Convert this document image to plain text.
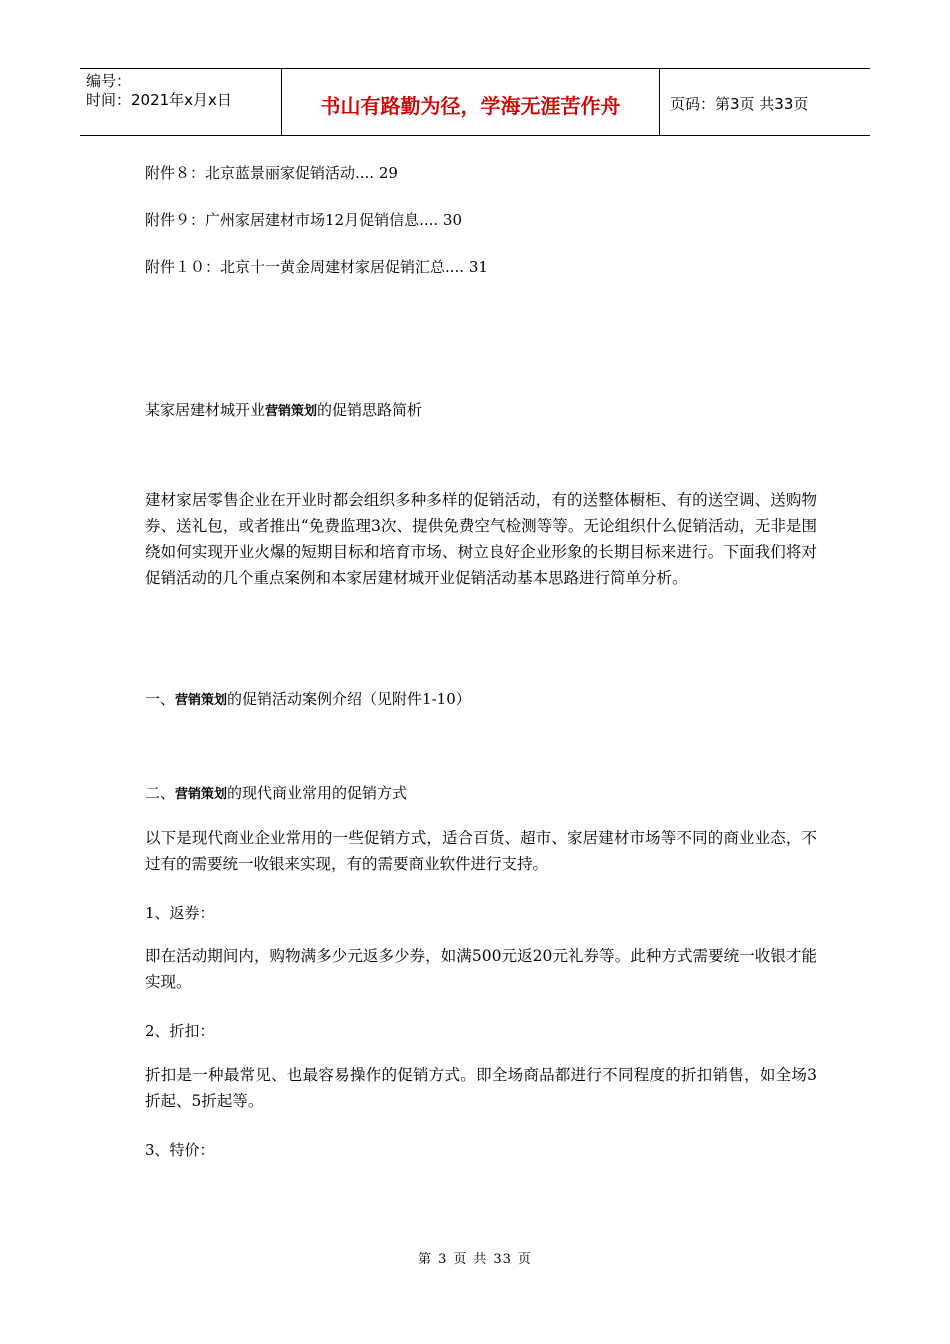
编号：
时间：2021年x月x日	书山有路勤为径，学海无涯苦作舟	页码：第3页 共33页
附件８：北京蓝景丽家促销活动.... 29
附件９：广州家居建材市场12月促销信息.... 30
附件１０：北京十一黄金周建材家居促销汇总.... 31
某家居建材城开业营销策划的促销思路简析
建材家居零售企业在开业时都会组织多种多样的促销活动，有的送整体橱柜、有的送空调、送购物券、送礼包，或者推出“免费监理3次、提供免费空气检测等等。无论组织什么促销活动，无非是围绕如何实现开业火爆的短期目标和培育市场、树立良好企业形象的长期目标来进行。下面我们将对促销活动的几个重点案例和本家居建材城开业促销活动基本思路进行简单分析。
一、营销策划的促销活动案例介绍（见附件1-10）
二、营销策划的现代商业常用的促销方式
以下是现代商业企业常用的一些促销方式，适合百货、超市、家居建材市场等不同的商业业态，不过有的需要统一收银来实现，有的需要商业软件进行支持。
1、返券：
即在活动期间内，购物满多少元返多少券，如满500元返20元礼券等。此种方式需要统一收银才能实现。
2、折扣：
折扣是一种最常见、也最容易操作的促销方式。即全场商品都进行不同程度的折扣销售，如全场3折起、5折起等。
3、特价：
第 3 页 共 33 页
